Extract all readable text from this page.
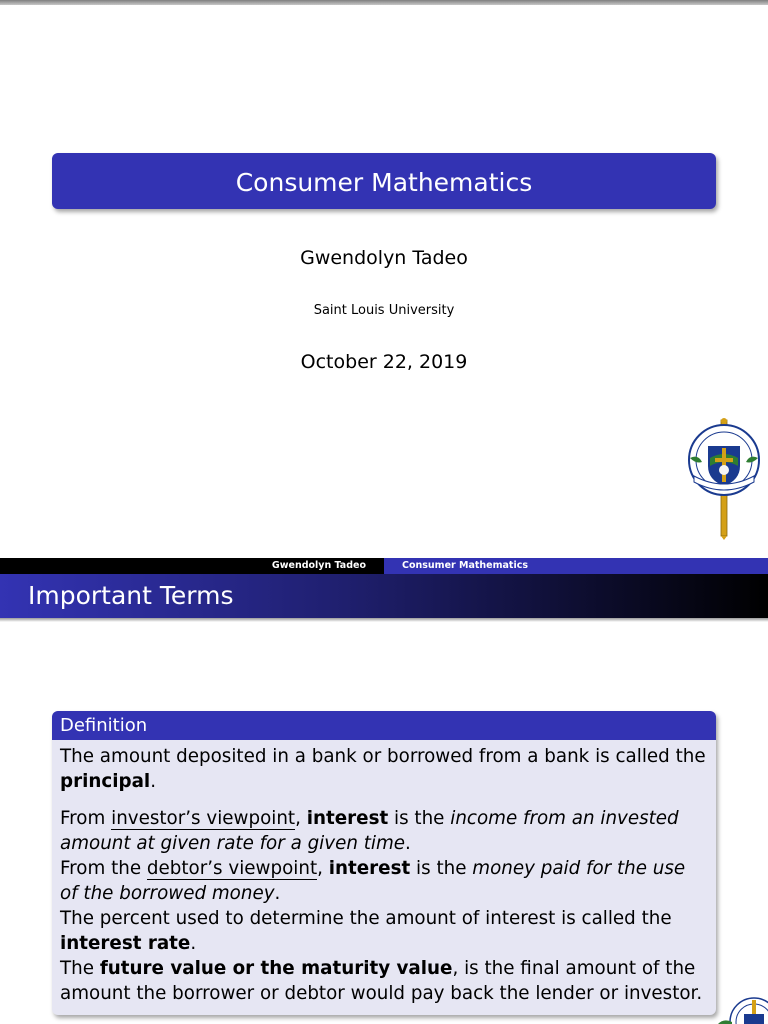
Consumer Mathematics
Gwendolyn Tadeo
Saint Louis University
October 22, 2019
Gwendolyn Tadeo	Consumer Mathematics
Important Terms
Definition

The amount deposited in a bank or borrowed from a bank is called the principal.

From investor’s viewpoint, interest is the income from an invested amount at given rate for a given time.

From the debtor’s viewpoint, interest is the money paid for the use of the borrowed money.

The percent used to determine the amount of interest is called the interest rate.

The future value or the maturity value, is the final amount of the amount the borrower or debtor would pay back the lender or investor.
